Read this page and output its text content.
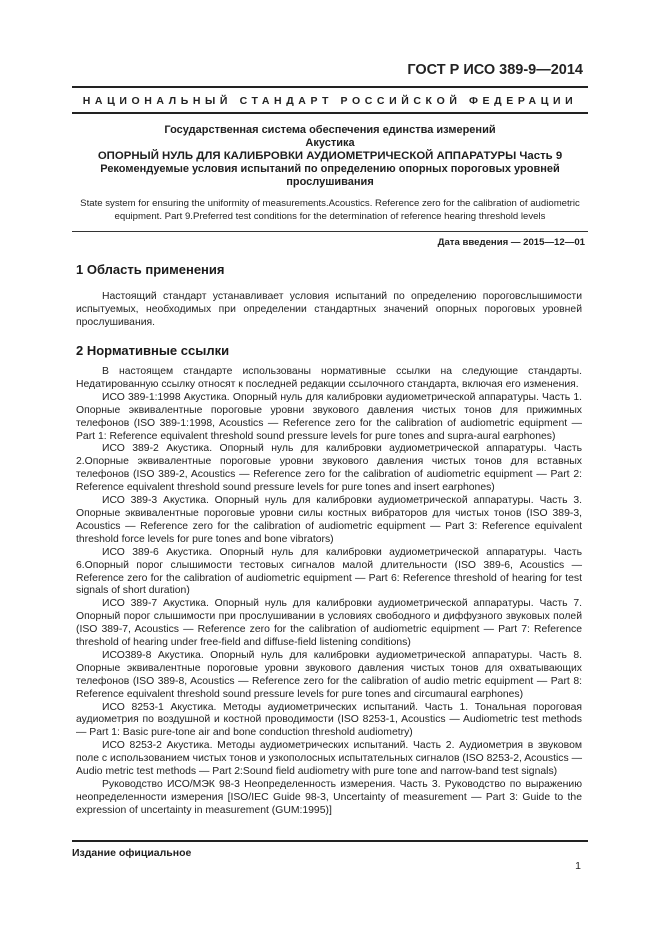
ГОСТ Р ИСО 389-9—2014
НАЦИОНАЛЬНЫЙ СТАНДАРТ РОССИЙСКОЙ ФЕДЕРАЦИИ
Государственная система обеспечения единства измерений
Акустика
ОПОРНЫЙ НУЛЬ ДЛЯ КАЛИБРОВКИ АУДИОМЕТРИЧЕСКОЙ АППАРАТУРЫ Часть 9
Рекомендуемые условия испытаний по определению опорных пороговых уровней
прослушивания
State system for ensuring the uniformity of measurements.Acoustics. Reference zero for the calibration of audiometric equipment. Part 9.Preferred test conditions for the determination of reference hearing threshold levels
Дата введения — 2015—12—01
1 Область применения

Настоящий стандарт устанавливает условия испытаний по определению пороговслышимости испытуемых, необходимых при определении стандартных значений опорных пороговых уровней прослушивания.

2 Нормативные ссылки

В настоящем стандарте использованы нормативные ссылки на следующие стандарты. Недатированную ссылку относят к последней редакции ссылочного стандарта, включая его изменения.

ИСО 389-1:1998 Акустика. Опорный нуль для калибровки аудиометрической аппаратуры. Часть 1. Опорные эквивалентные пороговые уровни звукового давления чистых тонов для прижимных телефонов (ISO 389-1:1998, Acoustics — Reference zero for the calibration of audiometric equipment — Part 1: Reference equivalent threshold sound pressure levels for pure tones and supra-aural earphones)

ИСО 389-2 Акустика. Опорный нуль для калибровки аудиометрической аппаратуры. Часть 2.Опорные эквивалентные пороговые уровни звукового давления чистых тонов для вставных телефонов (ISO 389-2, Acoustics — Reference zero for the calibration of audiometric equipment — Part 2: Reference equivalent threshold sound pressure levels for pure tones and insert earphones)

ИСО 389-3 Акустика. Опорный нуль для калибровки аудиометрической аппаратуры. Часть 3. Опорные эквивалентные пороговые уровни силы костных вибраторов для чистых тонов (ISO 389-3, Acoustics — Reference zero for the calibration of audiometric equipment — Part 3: Reference equivalent threshold force levels for pure tones and bone vibrators)

ИСО 389-6 Акустика. Опорный нуль для калибровки аудиометрической аппаратуры. Часть 6.Опорный порог слышимости тестовых сигналов малой длительности (ISO 389-6, Acoustics — Reference zero for the calibration of audiometric equipment — Part 6: Reference threshold of hearing for test signals of short duration)

ИСО 389-7 Акустика. Опорный нуль для калибровки аудиометрической аппаратуры. Часть 7. Опорный порог слышимости при прослушивании в условиях свободного и диффузного звуковых полей (ISO 389-7, Acoustics — Reference zero for the calibration of audiometric equipment — Part 7: Reference threshold of hearing under free-field and diffuse-field listening conditions)

ИСО389-8 Акустика. Опорный нуль для калибровки аудиометрической аппаратуры. Часть 8. Опорные эквивалентные пороговые уровни звукового давления чистых тонов для охватывающих телефонов (ISO 389-8, Acoustics — Reference zero for the calibration of audio metric equipment — Part 8: Reference equivalent threshold sound pressure levels for pure tones and circumaural earphones)

ИСО 8253-1 Акустика. Методы аудиометрических испытаний. Часть 1. Тональная пороговая аудиометрия по воздушной и костной проводимости (ISO 8253-1, Acoustics — Audiometric test methods — Part 1: Basic pure-tone air and bone conduction threshold audiometry)

ИСО 8253-2 Акустика. Методы аудиометрических испытаний. Часть 2. Аудиометрия в звуковом поле с использованием чистых тонов и узкополосных испытательных сигналов (ISO 8253-2, Acoustics — Audio metric test methods — Part 2:Sound field audiometry with pure tone and narrow-band test signals)

Руководство ИСО/МЭК 98-3 Неопределенность измерения. Часть 3. Руководство по выражению неопределенности измерения [ISO/IEC Guide 98-3, Uncertainty of measurement — Part 3: Guide to the expression of uncertainty in measurement (GUM:1995)]

Издание официальное
1
